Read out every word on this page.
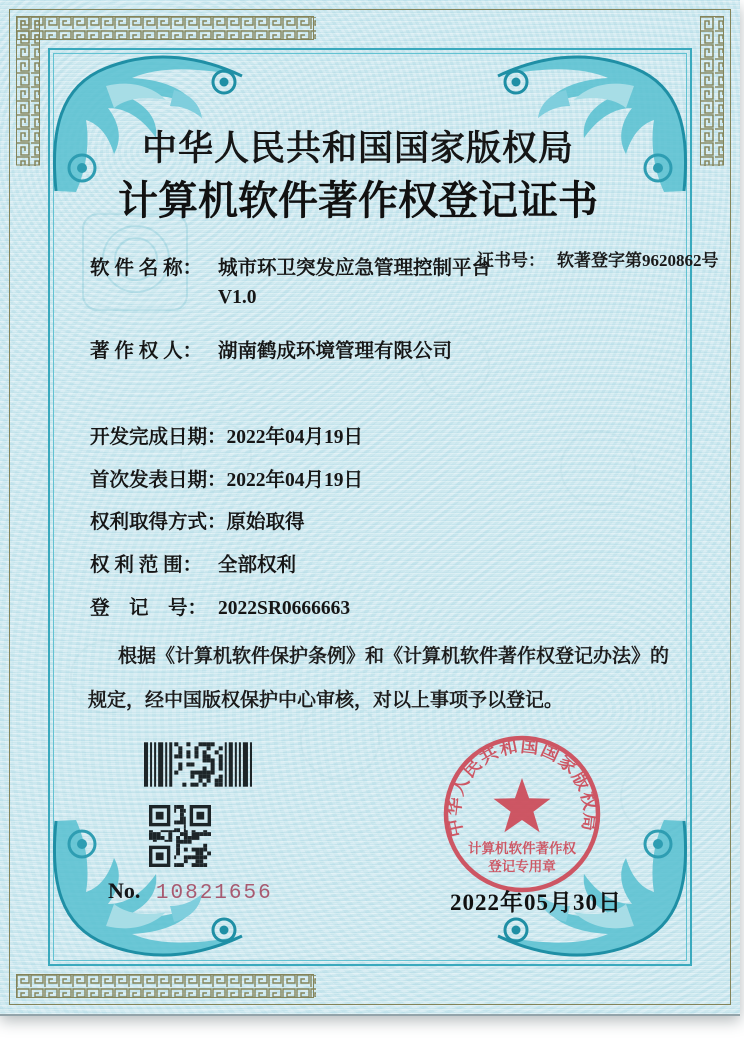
中华人民共和国国家版权局
计算机软件著作权登记证书

证书号： 软著登字第9620862号

软 件 名 称： 城市环卫突发应急管理控制平台
V1.0
著 作 权 人： 湖南鹤成环境管理有限公司
开发完成日期： 2022年04月19日
首次发表日期： 2022年04月19日
权利取得方式： 原始取得
权 利 范 围： 全部权利
登　记　号： 2022SR0666663
根据《计算机软件保护条例》和《计算机软件著作权登记办法》的
规定，经中国版权保护中心审核，对以上事项予以登记。
No. 10821656
中华人民共和国国家版权局
计算机软件著作权
登记专用章
2022年05月30日
